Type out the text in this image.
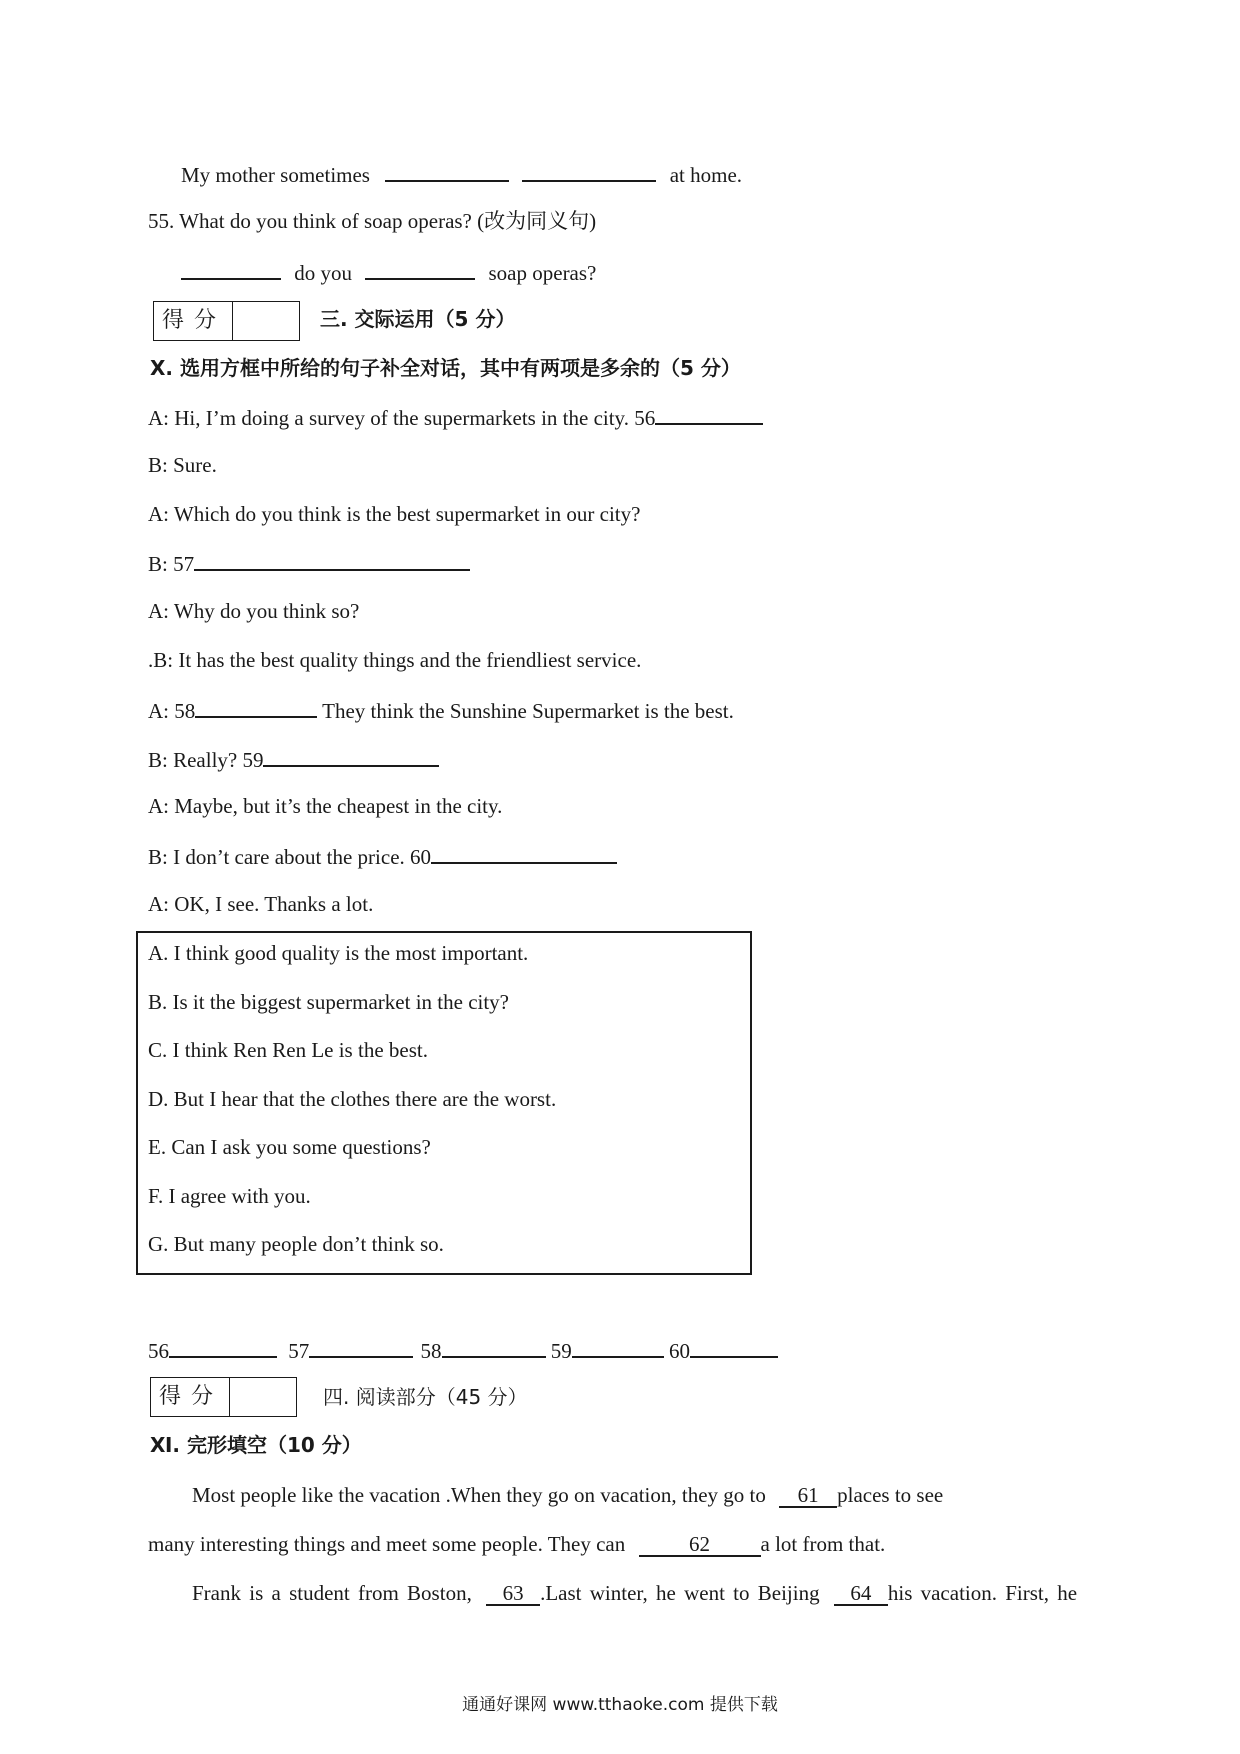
My mother sometimes	at home.
55. What do you think of soap operas? (改为同义句)
do you	soap operas?
得分	三. 交际运用（5 分）
Ⅹ. 选用方框中所给的句子补全对话，其中有两项是多余的（5 分）
A: Hi, I’m doing a survey of the supermarkets in the city. 56
B: Sure.
A: Which do you think is the best supermarket in our city?
B: 57
A: Why do you think so?
.B: It has the best quality things and the friendliest service.
A: 58	They think the Sunshine Supermarket is the best.
B: Really? 59
A: Maybe, but it’s the cheapest in the city.
B: I don’t care about the price. 60
A: OK, I see. Thanks a lot.
A. I think good quality is the most important.
B. Is it the biggest supermarket in the city?
C. I think Ren Ren Le is the best.
D. But I hear that the clothes there are the worst.
E. Can I ask you some questions?
F. I agree with you.
G. But many people don’t think so.
56	57	58	59	60
得分	四. 阅读部分（45 分）
Ⅺ. 完形填空（10 分）
Most people like the vacation .When they go on vacation, they go to 61 places to see
many interesting things and meet some people. They can	62 a lot from that.
Frank is a student from Boston, 63 .Last winter, he went to Beijing 64 his vacation. First, he
通通好课网 www.tthaoke.com 提供下载
